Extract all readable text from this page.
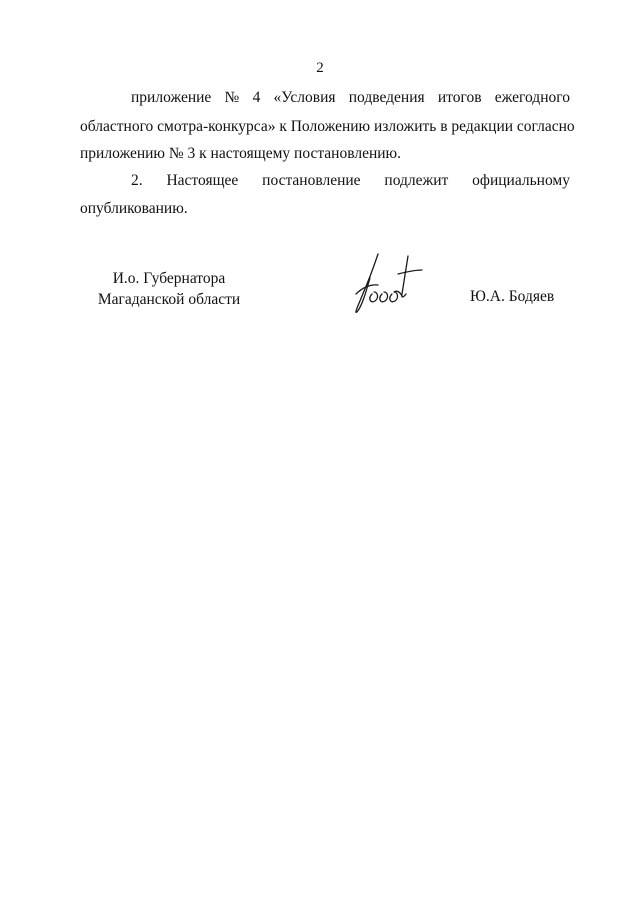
2
приложение № 4 «Условия подведения итогов ежегодного
областного смотра-конкурса» к Положению изложить в редакции согласно
приложению № 3 к настоящему постановлению.
2. Настоящее постановление подлежит официальному
опубликованию.
И.о. Губернатора
Магаданской области	Ю.А. Бодяев
